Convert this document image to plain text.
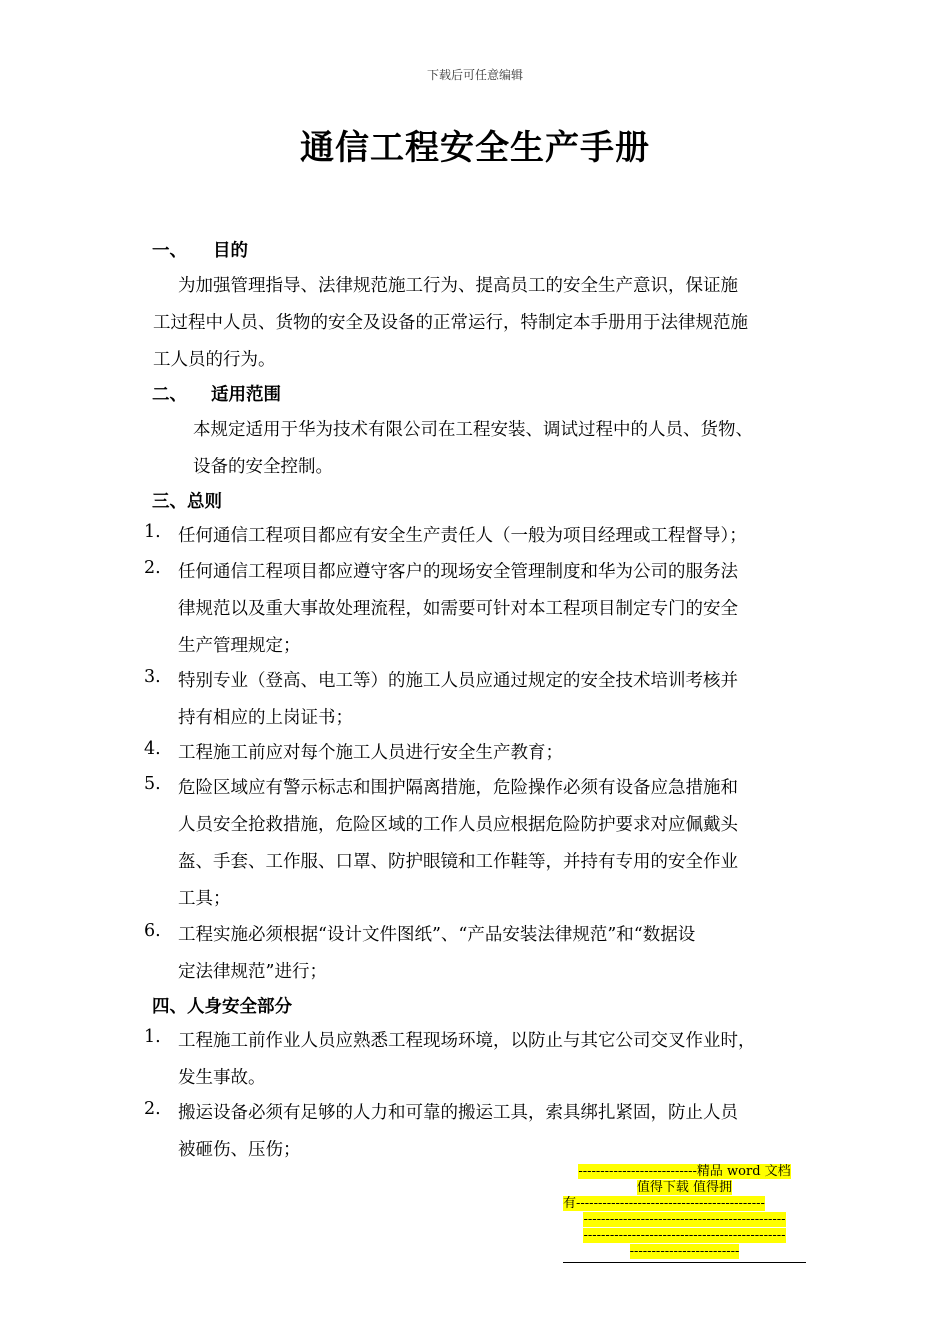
下载后可任意编辑
通信工程安全生产手册
一、 目的
为加强管理指导、法律规范施工行为、提高员工的安全生产意识，保证施
工过程中人员、货物的安全及设备的正常运行，特制定本手册用于法律规范施
工人员的行为。
二、 适用范围
本规定适用于华为技术有限公司在工程安装、调试过程中的人员、货物、
设备的安全控制。
三、总则
1. 任何通信工程项目都应有安全生产责任人（一般为项目经理或工程督导）；
2. 任何通信工程项目都应遵守客户的现场安全管理制度和华为公司的服务法
律规范以及重大事故处理流程，如需要可针对本工程项目制定专门的安全
生产管理规定；
3. 特别专业（登高、电工等）的施工人员应通过规定的安全技术培训考核并
持有相应的上岗证书；
4. 工程施工前应对每个施工人员进行安全生产教育；
5. 危险区域应有警示标志和围护隔离措施，危险操作必须有设备应急措施和
人员安全抢救措施，危险区域的工作人员应根据危险防护要求对应佩戴头
盔、手套、工作服、口罩、防护眼镜和工作鞋等，并持有专用的安全作业
工具；
6. 工程实施必须根据“设计文件图纸”、“产品安装法律规范”和“数据设
定法律规范”进行；
四、人身安全部分
1. 工程施工前作业人员应熟悉工程现场环境，以防止与其它公司交叉作业时，
发生事故。
2. 搬运设备必须有足够的人力和可靠的搬运工具，索具绑扎紧固，防止人员
被砸伤、压伤；
---------------------------精品 word 文档
值得下载 值得拥
有-------------------------------------------
----------------------------------------------
----------------------------------------------
-------------------------
